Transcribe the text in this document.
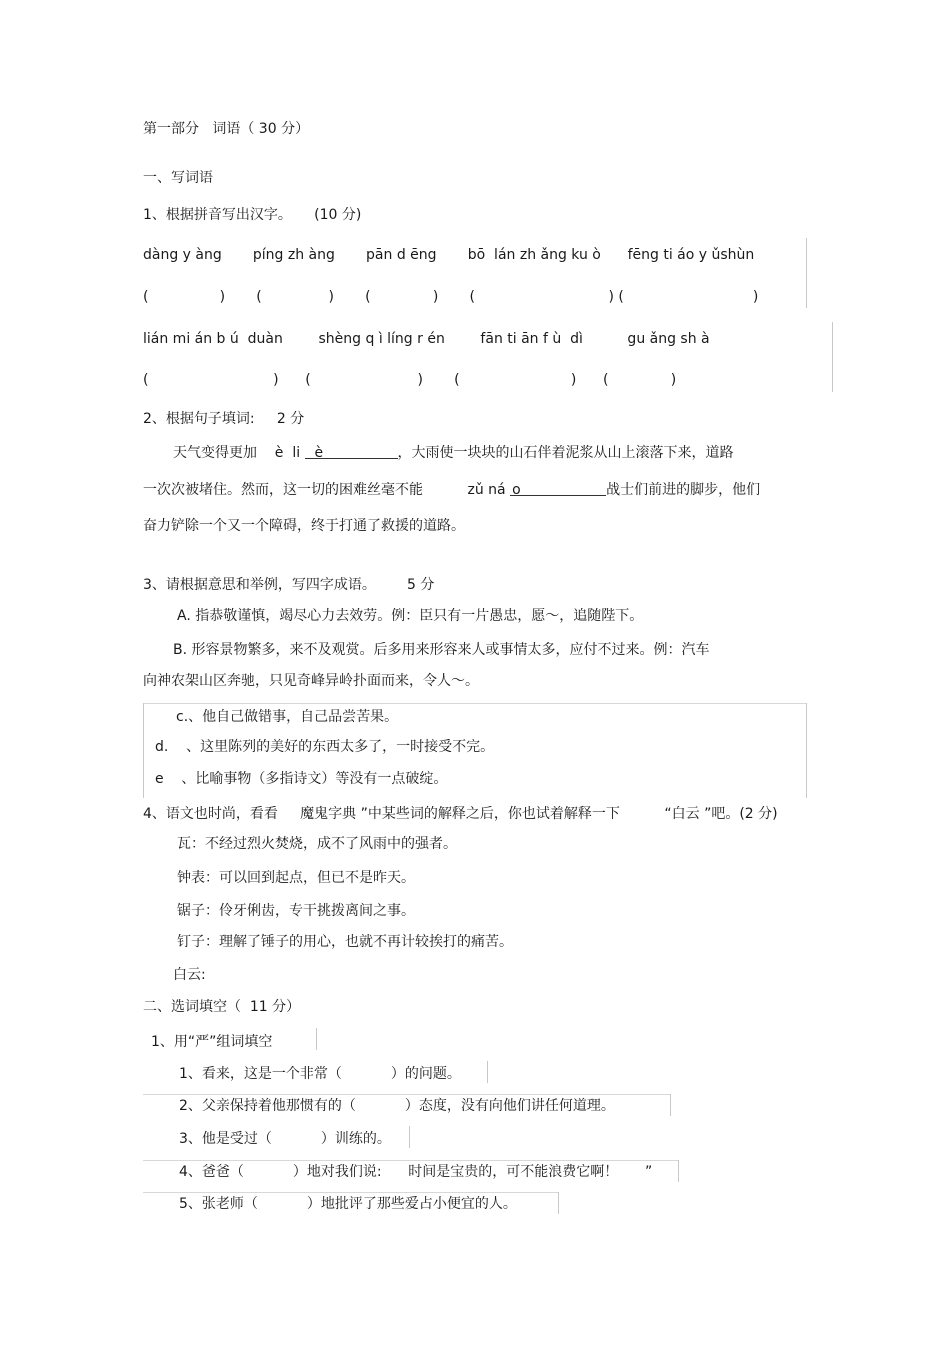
第一部分   词语（ 30 分）
一、写词语
1、根据拼音写出汉字。     (10 分)
dàng y àng       píng zh àng       pān d ēng       bō  lán zh ǎng ku ò      fēng ti áo y ǔshùn
(                )       (               )       (              )       (                              ) (                             )
lián mi án b ú  duàn        shèng q ì líng r én        fān ti ān f ù  dì          gu ǎng sh à
(                            )      (                        )       (                         )      (              )
2、根据句子填词:     2 分
天气变得更加    è  li è	，大雨使一块块的山石伴着泥浆从山上滚落下来，道路
一次次被堵住。然而，这一切的困难丝毫不能          zǔ ná o	战士们前进的脚步，他们
奋力铲除一个又一个障碍，终于打通了救援的道路。
3、请根据意思和举例，写四字成语。       5 分
A. 指恭敬谨慎，竭尽心力去效劳。例：臣只有一片愚忠，愿～，追随陛下。
B. 形容景物繁多，来不及观赏。后多用来形容来人或事情太多，应付不过来。例：汽车
向神农架山区奔驰，只见奇峰异岭扑面而来，令人～。
c.、他自己做错事，自己品尝苦果。
d.    、这里陈列的美好的东西太多了，一时接受不完。
e    、比喻事物（多指诗文）等没有一点破绽。
4、语文也时尚，看看     魔鬼字典 ”中某些词的解释之后，你也试着解释一下          “白云 ”吧。(2 分)
瓦：不经过烈火焚烧，成不了风雨中的强者。
钟表：可以回到起点，但已不是昨天。
锯子：伶牙俐齿，专干挑拨离间之事。
钉子：理解了锤子的用心，也就不再计较挨打的痛苦。
白云:
二、选词填空（  11 分）
1、用“严”组词填空
1、看来，这是一个非常（           ）的问题。
2、父亲保持着他那惯有的（           ）态度，没有向他们讲任何道理。
3、他是受过（           ）训练的。
4、爸爸（           ）地对我们说:      时间是宝贵的，可不能浪费它啊！      ”
5、张老师（           ）地批评了那些爱占小便宜的人。
